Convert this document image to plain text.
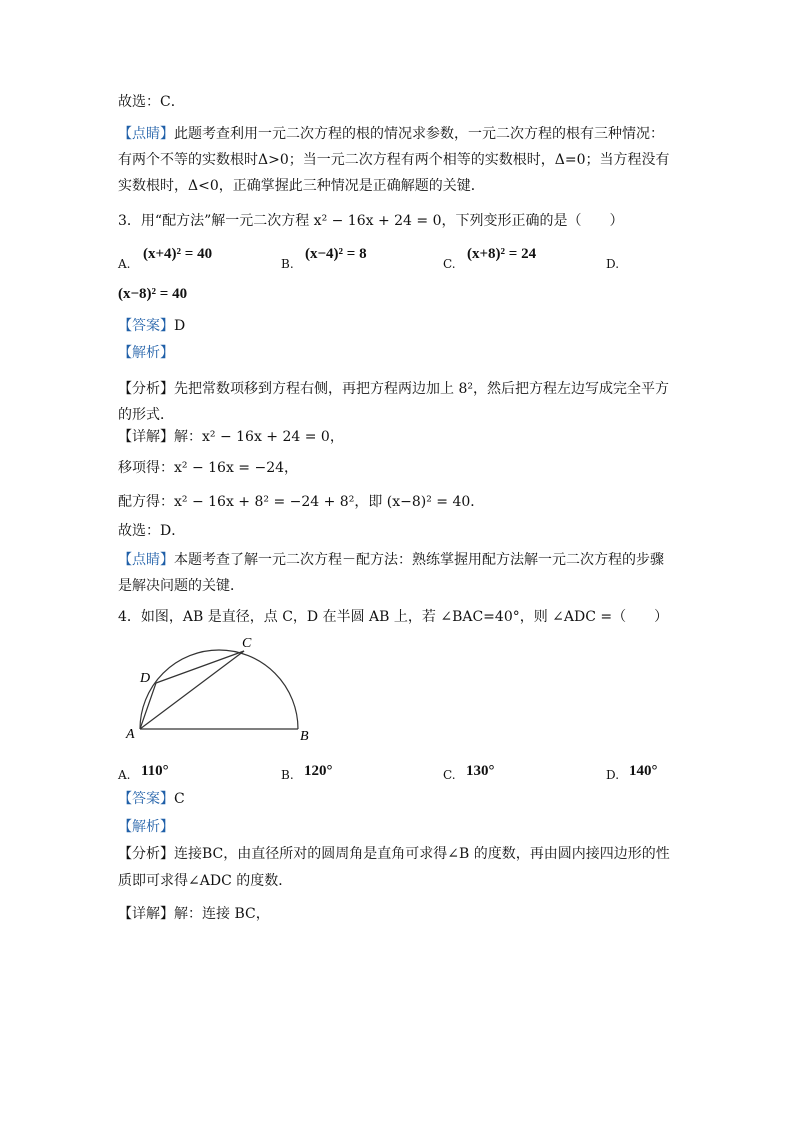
故选：C．
【点睛】此题考查利用一元二次方程的根的情况求参数，一元二次方程的根有三种情况：
有两个不等的实数根时Δ>0；当一元二次方程有两个相等的实数根时，Δ=0；当方程没有
实数根时，Δ<0，正确掌握此三种情况是正确解题的关键．
3．用“配方法”解一元二次方程 x² − 16x + 24 = 0，下列变形正确的是（　　）
A.
(x+4)² = 40
B.
(x−4)² = 8
C.
(x+8)² = 24
D.
(x−8)² = 40
【答案】D
【解析】
【分析】先把常数项移到方程右侧，再把方程两边加上 8²，然后把方程左边写成完全平方
的形式．
【详解】解：x² − 16x + 24 = 0，
移项得：x² − 16x = −24，
配方得：x² − 16x + 8² = −24 + 8²，即 (x−8)² = 40．
故选：D．
【点睛】本题考查了解一元二次方程－配方法：熟练掌握用配方法解一元二次方程的步骤
是解决问题的关键．
4．如图，AB 是直径，点 C，D 在半圆 AB 上，若 ∠BAC=40°，则 ∠ADC =（　　）
A	B
C
D
A. 110°	B. 120°	C. 130°	D. 140°
【答案】C
【解析】
【分析】连接BC，由直径所对的圆周角是直角可求得∠B 的度数，再由圆内接四边形的性
质即可求得∠ADC 的度数．
【详解】解：连接 BC，
